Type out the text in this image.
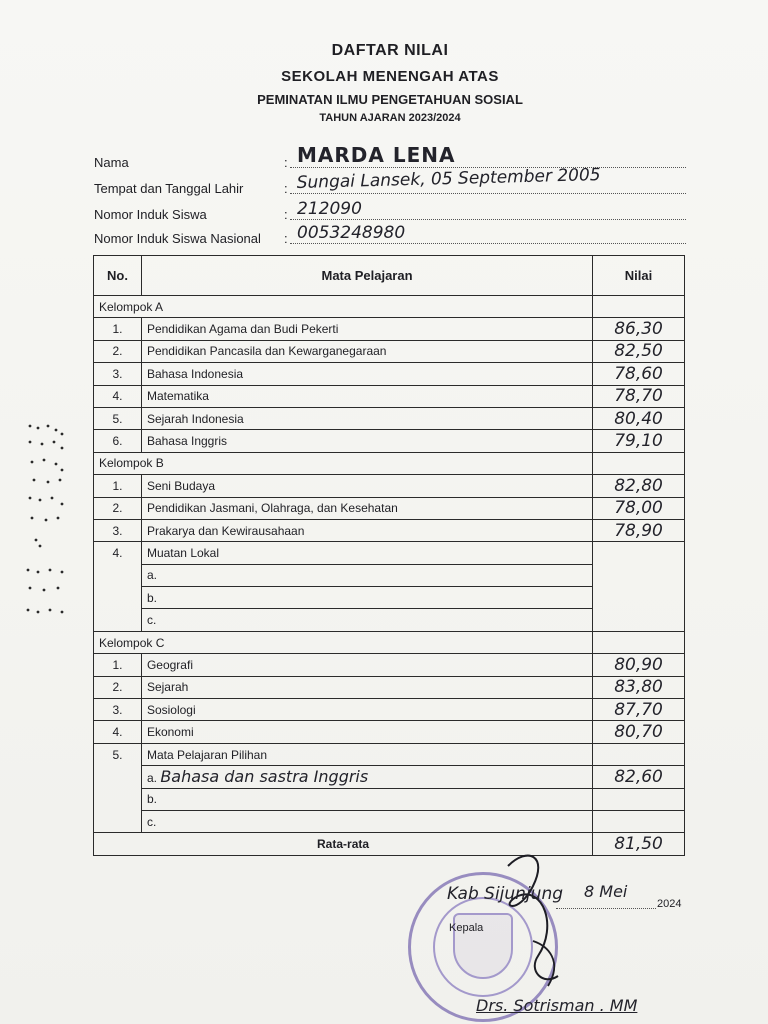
DAFTAR NILAI
SEKOLAH MENENGAH ATAS
PEMINATAN ILMU PENGETAHUAN SOSIAL
TAHUN AJARAN 2023/2024
Nama	: MARDA LENA
Tempat dan Tanggal Lahir	: Sungai Lansek, 05 September 2005
Nomor Induk Siswa	: 212090
Nomor Induk Siswa Nasional : 0053248980
No.	Mata Pelajaran	Nilai
Kelompok A		
1.	Pendidikan Agama dan Budi Pekerti	86,30
2.	Pendidikan Pancasila dan Kewarganegaraan	82,50
3.	Bahasa Indonesia	78,60
4.	Matematika	78,70
5.	Sejarah Indonesia	80,40
6.	Bahasa Inggris	79,10
Kelompok B		
1.	Seni Budaya	82,80
2.	Pendidikan Jasmani, Olahraga, dan Kesehatan	78,00
3.	Prakarya dan Kewirausahaan	78,90
4.	Muatan Lokal	
	a.	
	b.	
	c.	
Kelompok C		
1.	Geografi	80,90
2.	Sejarah	83,80
3.	Sosiologi	87,70
4.	Ekonomi	80,70
5.	Mata Pelajaran Pilihan	
	a. Bahasa dan sastra Inggris	82,60
	b.	
	c.	
Rata-rata		81,50
Kab Sijunjung 8 Mei
2024
Kepala
Drs. Sotrisman . MM
